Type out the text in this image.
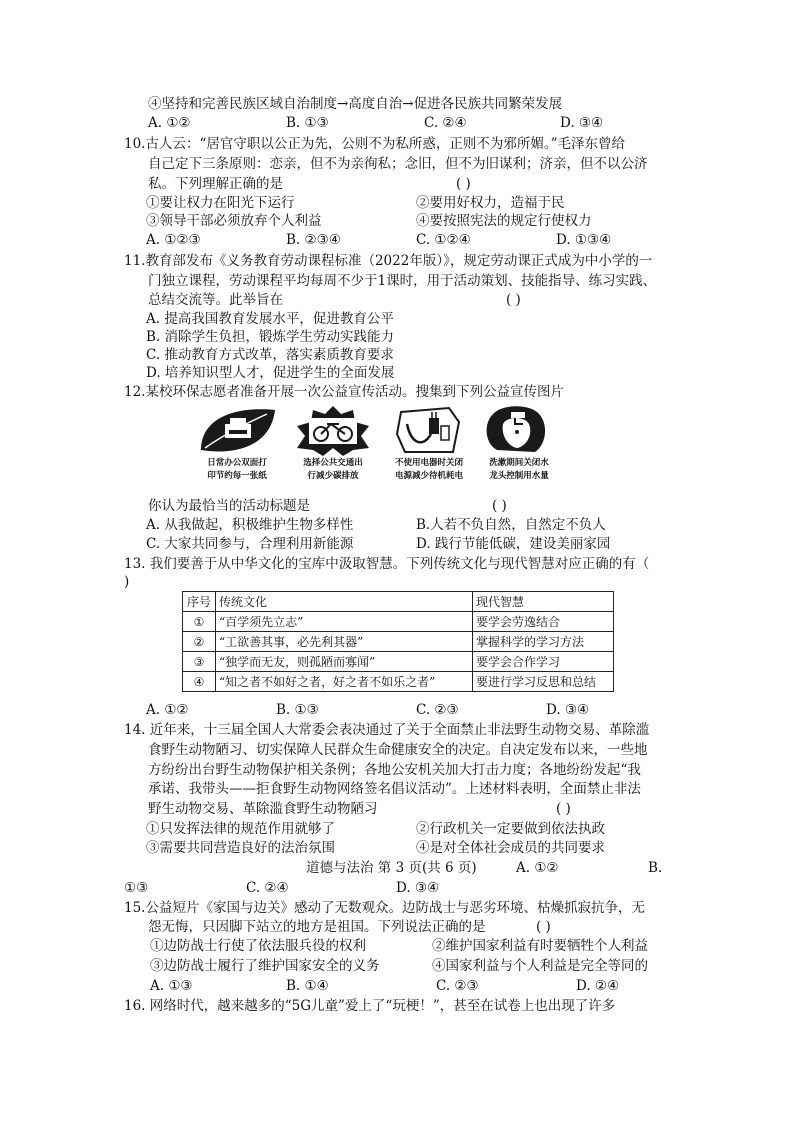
④坚持和完善民族区域自治制度→高度自治→促进各民族共同繁荣发展
A. ①②	B. ①③	C. ②④	D. ③④
10.古人云：“居官守职以公正为先，公则不为私所惑，正则不为邪所媚。”毛泽东曾给
自己定下三条原则：恋亲，但不为亲徇私；念旧，但不为旧谋利；济亲，但不以公济
私。下列理解正确的是	( )
①要让权力在阳光下运行	②要用好权力，造福于民
③领导干部必须放弃个人利益	④要按照宪法的规定行使权力
A. ①②③	B. ②③④	C. ①②④	D. ①③④
11.教育部发布《义务教育劳动课程标准（2022年版）》，规定劳动课正式成为中小学的一
门独立课程，劳动课程平均每周不少于1课时，用于活动策划、技能指导、练习实践、
总结交流等。此举旨在	( )
A. 提高我国教育发展水平，促进教育公平
B. 消除学生负担，锻炼学生劳动实践能力
C. 推动教育方式改革，落实素质教育要求
D. 培养知识型人才，促进学生的全面发展
12.某校环保志愿者准备开展一次公益宣传活动。搜集到下列公益宣传图片
日常办公双面打
印节约每一张纸
选择公共交通出
行减少碳排放
不使用电器时关闭
电源减少待机耗电
洗漱期间关闭水
龙头控制用水量
你认为最恰当的活动标题是	( )
A. 从我做起，积极维护生物多样性	B.人若不负自然，自然定不负人
C. 大家共同参与，合理利用新能源	D. 践行节能低碳，建设美丽家园
13. 我们要善于从中华文化的宝库中汲取智慧。下列传统文化与现代智慧对应正确的有（
)
序号	传统文化	现代智慧
①	“百学须先立志”	要学会劳逸结合
②	“工欲善其事，必先利其器”	掌握科学的学习方法
③	“独学而无友，则孤陋而寡闻”	要学会合作学习
④	“知之者不如好之者，好之者不如乐之者”	要进行学习反思和总结
A. ①②	B. ①③	C. ②③	D. ③④
14. 近年来，十三届全国人大常委会表决通过了关于全面禁止非法野生动物交易、革除滥
食野生动物陋习、切实保障人民群众生命健康安全的决定。自决定发布以来，一些地
方纷纷出台野生动物保护相关条例；各地公安机关加大打击力度；各地纷纷发起“我
承诺、我带头——拒食野生动物网络签名倡议活动”。上述材料表明，全面禁止非法
野生动物交易、革除滥食野生动物陋习	( )
①只发挥法律的规范作用就够了	②行政机关一定要做到依法执政
③需要共同营造良好的法治氛围	④是对全体社会成员的共同要求
道德与法治 第 3 页(共 6 页)	A. ①②	B.
①③	C. ②④	D. ③④
15.公益短片《家国与边关》感动了无数观众。边防战士与恶劣环境、枯燥抓寂抗争，无
怨无悔，只因脚下站立的地方是祖国。下列说法正确的是	( )
①边防战士行使了依法服兵役的权利	②维护国家利益有时要牺牲个人利益
③边防战士履行了维护国家安全的义务	④国家利益与个人利益是完全等同的
A. ①③	B. ①④	C. ②③	D. ②④
16. 网络时代，越来越多的“5G儿童”爱上了“玩梗！”，甚至在试卷上也出现了许多
